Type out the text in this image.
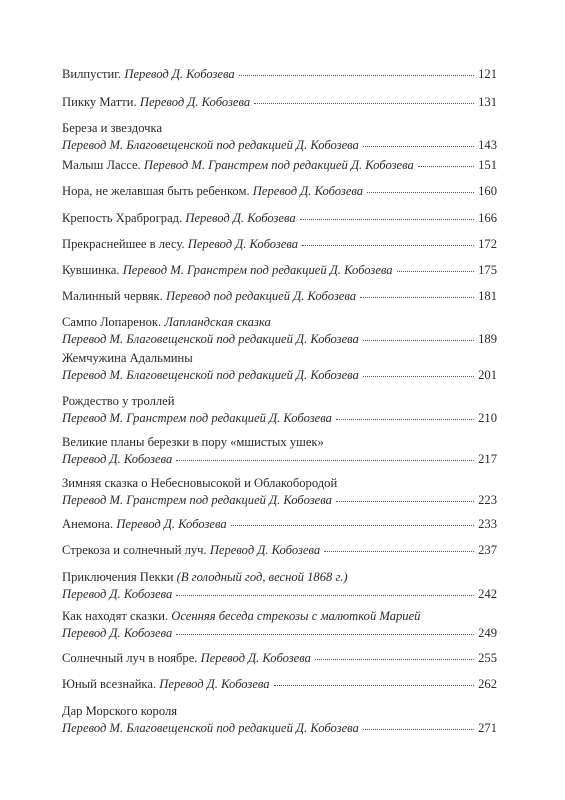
Вилпустиг. Перевод Д. Кобозева	121
Пикку Матти. Перевод Д. Кобозева	131
Береза и звездочка
Перевод М. Благовещенской под редакцией Д. Кобозева	143
Малыш Лассе. Перевод М. Гранстрем под редакцией Д. Кобозева	151
Нора, не желавшая быть ребенком. Перевод Д. Кобозева	160
Крепость Храброград. Перевод Д. Кобозева	166
Прекраснейшее в лесу. Перевод Д. Кобозева	172
Кувшинка. Перевод М. Гранстрем под редакцией Д. Кобозева	175
Малинный червяк. Перевод под редакцией Д. Кобозева	181
Сампо Лопаренок. Лапландская сказка
Перевод М. Благовещенской под редакцией Д. Кобозева	189
Жемчужина Адальмины
Перевод М. Благовещенской под редакцией Д. Кобозева	201
Рождество у троллей
Перевод М. Гранстрем под редакцией Д. Кобозева	210
Великие планы березки в пору «мшистых ушек»
Перевод Д. Кобозева	217
Зимняя сказка о Небесновысокой и Облакобородой
Перевод М. Гранстрем под редакцией Д. Кобозева	223
Анемона. Перевод Д. Кобозева	233
Стрекоза и солнечный луч. Перевод Д. Кобозева	237
Приключения Пекки (В голодный год, весной 1868 г.)
Перевод Д. Кобозева	242
Как находят сказки. Осенняя беседа стрекозы с малюткой Марией
Перевод Д. Кобозева	249
Солнечный луч в ноябре. Перевод Д. Кобозева	255
Юный всезнайка. Перевод Д. Кобозева	262
Дар Морского короля
Перевод М. Благовещенской под редакцией Д. Кобозева	271
